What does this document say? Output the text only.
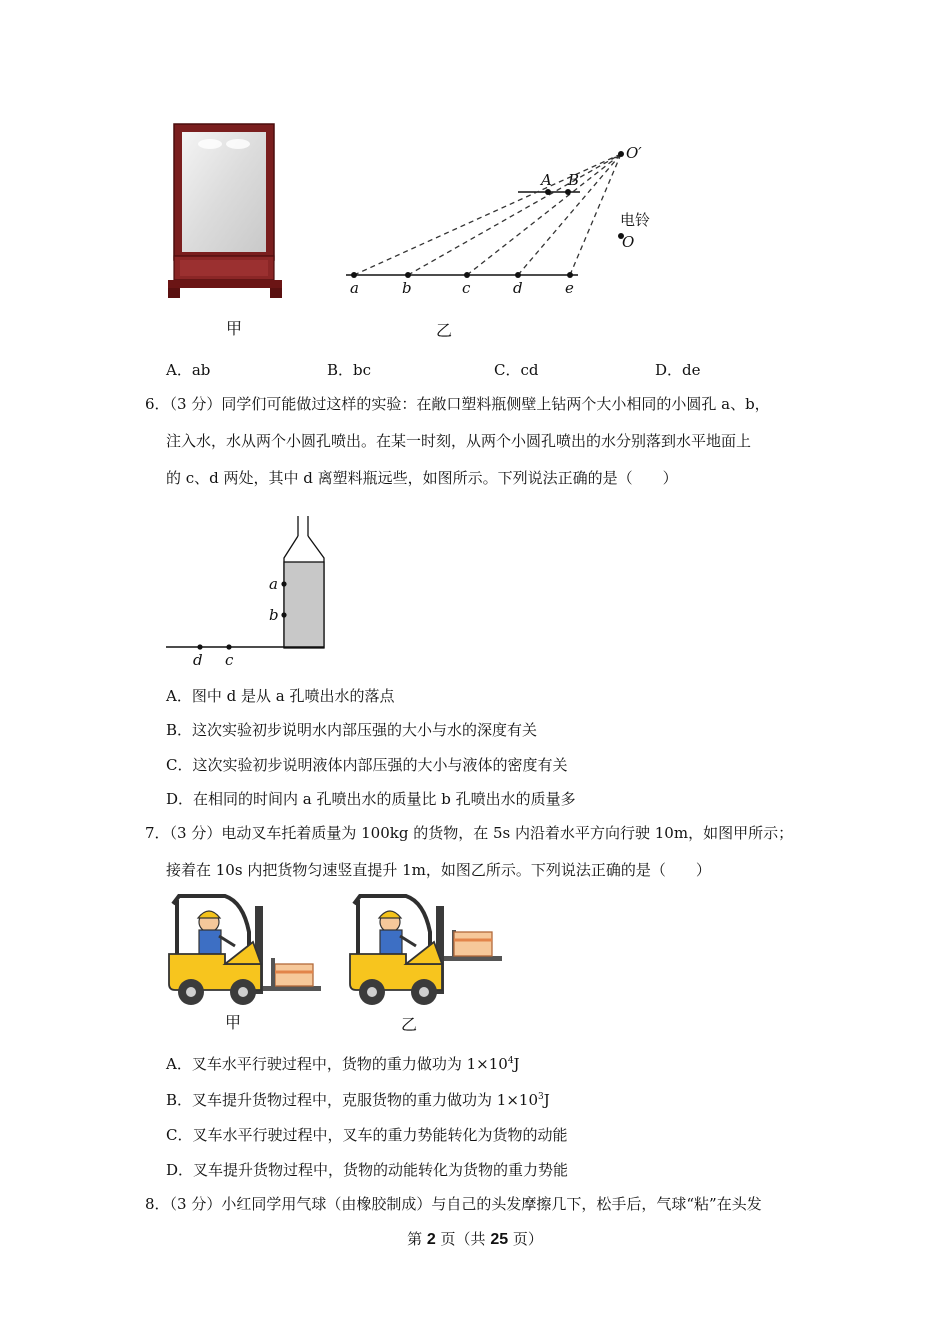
甲
A B
O′
电铃
O
a	b	c	d	e
乙
A．ab	B．bc	C．cd	D．de
6．（3 分）同学们可能做过这样的实验：在敞口塑料瓶侧壁上钻两个大小相同的小圆孔 a、b，
注入水，水从两个小圆孔喷出。在某一时刻，从两个小圆孔喷出的水分别落到水平地面上
的 c、d 两处，其中 d 离塑料瓶远些，如图所示。下列说法正确的是（　　）
a
b
d c
A．图中 d 是从 a 孔喷出水的落点
B．这次实验初步说明水内部压强的大小与水的深度有关
C．这次实验初步说明液体内部压强的大小与液体的密度有关
D．在相同的时间内 a 孔喷出水的质量比 b 孔喷出水的质量多
7．（3 分）电动叉车托着质量为 100kg 的货物，在 5s 内沿着水平方向行驶 10m，如图甲所示；
接着在 10s 内把货物匀速竖直提升 1m，如图乙所示。下列说法正确的是（　　）
甲	乙
A．叉车水平行驶过程中，货物的重力做功为 $1\times 10^4J$
B．叉车提升货物过程中，克服货物的重力做功为 $1\times 10^3J$
C．叉车水平行驶过程中，叉车的重力势能转化为货物的动能
D．叉车提升货物过程中，货物的动能转化为货物的重力势能
8．（3 分）小红同学用气球（由橡胶制成）与自己的头发摩擦几下，松手后，气球“粘”在头发
第 2 页（共 25 页）
